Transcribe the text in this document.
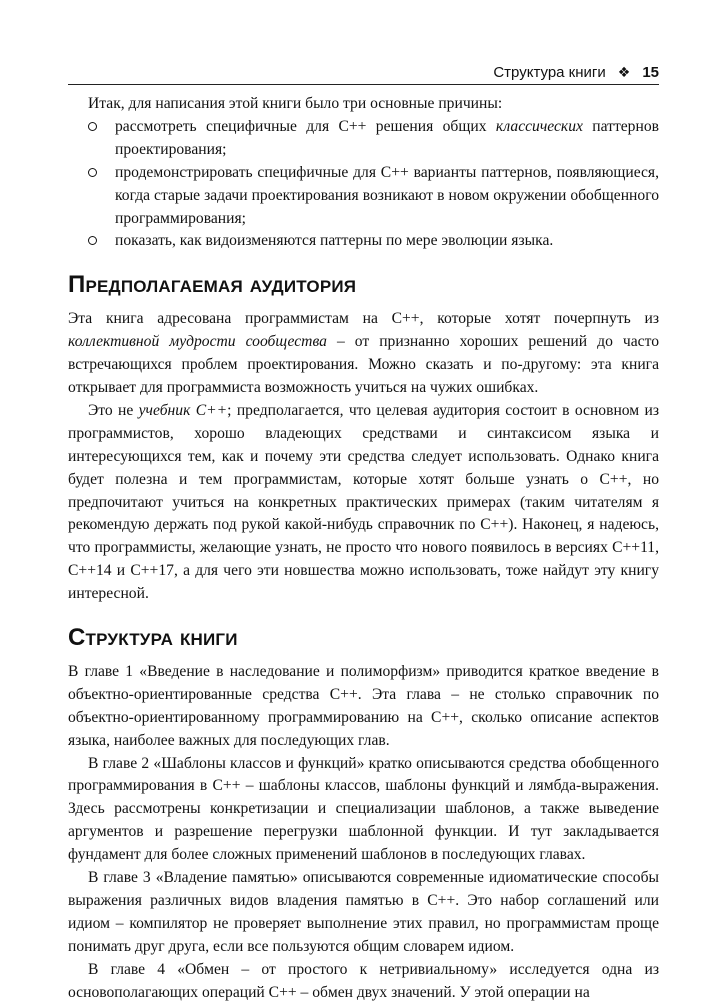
Структура книги ❖ 15

Итак, для написания этой книги было три основные причины:

рассмотреть специфичные для C++ решения общих классических паттернов проектирования;
продемонстрировать специфичные для C++ варианты паттернов, появляющиеся, когда старые задачи проектирования возникают в новом окружении обобщенного программирования;
показать, как видоизменяются паттерны по мере эволюции языка.
Предполагаемая аудитория

Эта книга адресована программистам на C++, которые хотят почерпнуть из коллективной мудрости сообщества – от признанно хороших решений до часто встречающихся проблем проектирования. Можно сказать и по-другому: эта книга открывает для программиста возможность учиться на чужих ошибках.

Это не учебник C++; предполагается, что целевая аудитория состоит в основном из программистов, хорошо владеющих средствами и синтаксисом языка и интересующихся тем, как и почему эти средства следует использовать. Однако книга будет полезна и тем программистам, которые хотят больше узнать о C++, но предпочитают учиться на конкретных практических примерах (таким читателям я рекомендую держать под рукой какой-нибудь справочник по C++). Наконец, я надеюсь, что программисты, желающие узнать, не просто что нового появилось в версиях C++11, C++14 и C++17, а для чего эти новшества можно использовать, тоже найдут эту книгу интересной.

Структура книги

В главе 1 «Введение в наследование и полиморфизм» приводится краткое введение в объектно-ориентированные средства C++. Эта глава – не столько справочник по объектно-ориентированному программированию на C++, сколько описание аспектов языка, наиболее важных для последующих глав.

В главе 2 «Шаблоны классов и функций» кратко описываются средства обобщенного программирования в C++ – шаблоны классов, шаблоны функций и лямбда-выражения. Здесь рассмотрены конкретизации и специализации шаблонов, а также выведение аргументов и разрешение перегрузки шаблонной функции. И тут закладывается фундамент для более сложных применений шаблонов в последующих главах.

В главе 3 «Владение памятью» описываются современные идиоматические способы выражения различных видов владения памятью в C++. Это набор соглашений или идиом – компилятор не проверяет выполнение этих правил, но программистам проще понимать друг друга, если все пользуются общим словарем идиом.

В главе 4 «Обмен – от простого к нетривиальному» исследуется одна из основополагающих операций C++ – обмен двух значений. У этой операции на
